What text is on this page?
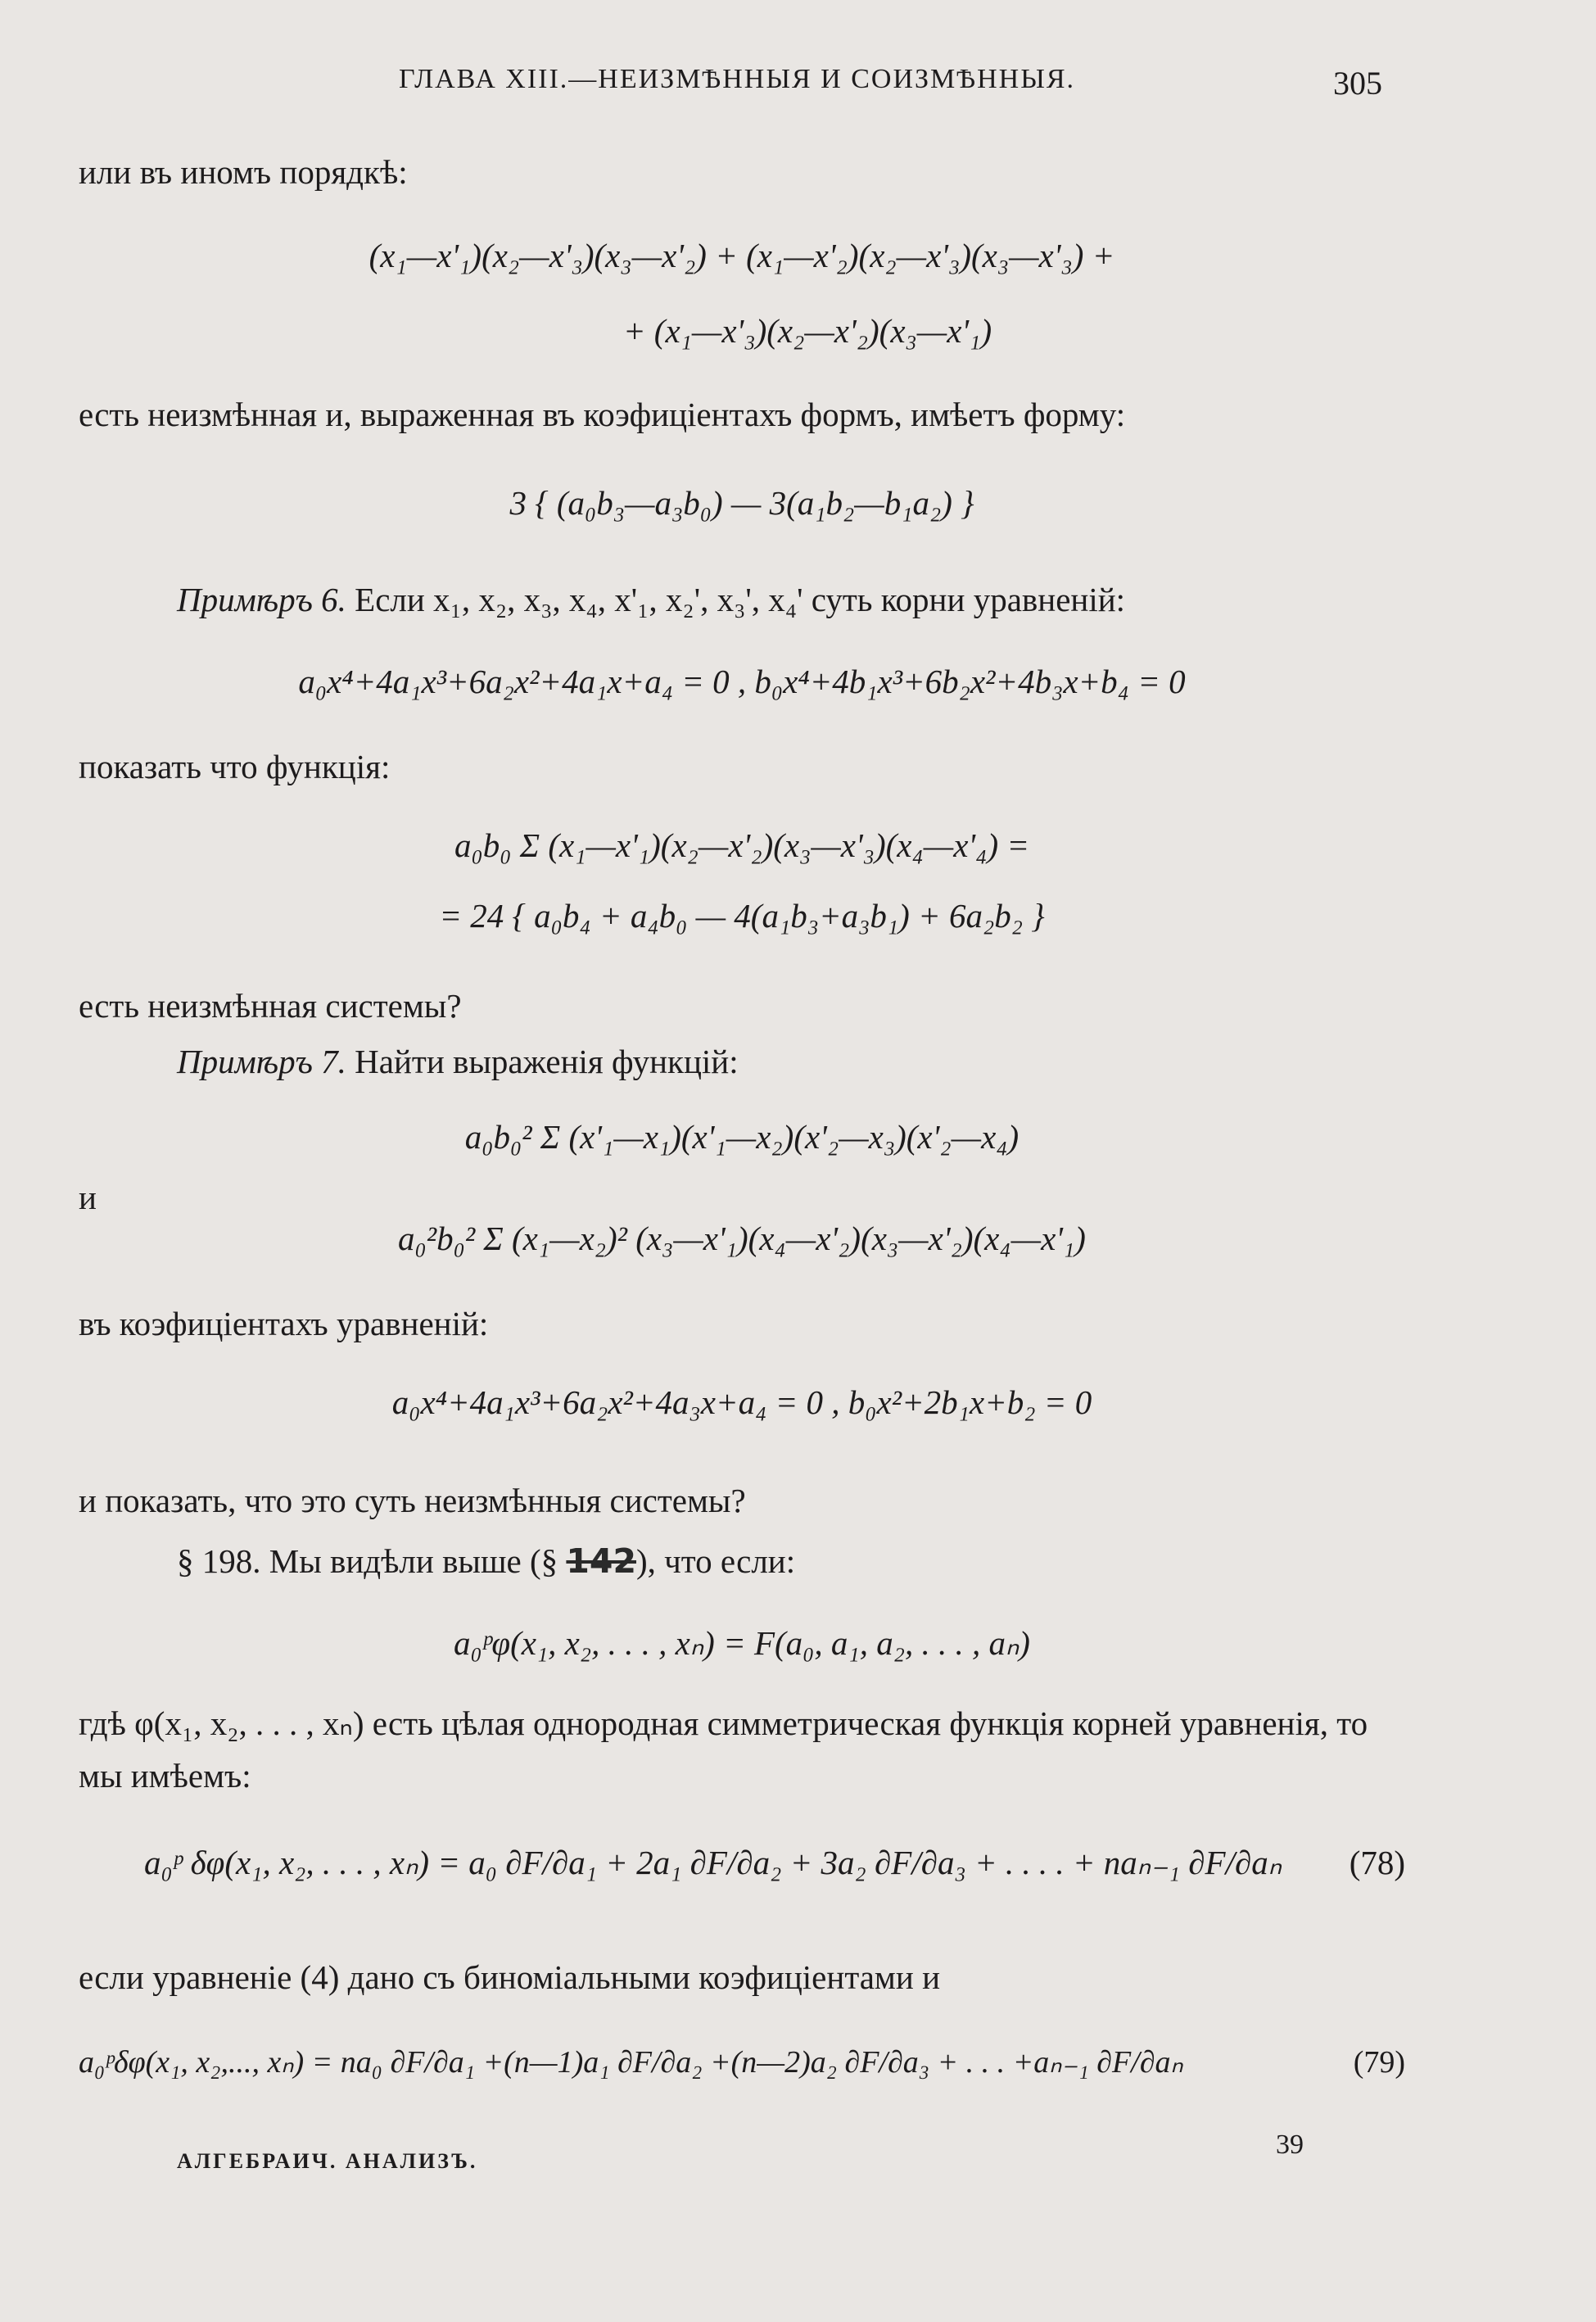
ГЛАВА XIII.—НЕИЗМѢННЫЯ И СОИЗМѢННЫЯ.	305
или въ иномъ порядкѣ:
(x₁—x'₁)(x₂—x'₃)(x₃—x'₂) + (x₁—x'₂)(x₂—x'₃)(x₃—x'₃) +
+ (x₁—x'₃)(x₂—x'₂)(x₃—x'₁)
есть неизмѣнная и, выраженная въ коэфиціентахъ формъ, имѣетъ форму:
3 { (a₀b₃—a₃b₀) — 3(a₁b₂—b₁a₂) }
Примѣръ 6. Если x₁, x₂, x₃, x₄, x'₁, x₂', x₃', x₄' суть корни уравненій:
a₀x⁴+4a₁x³+6a₂x²+4a₁x+a₄ = 0 , b₀x⁴+4b₁x³+6b₂x²+4b₃x+b₄ = 0
показать что функція:
a₀b₀ Σ (x₁—x'₁)(x₂—x'₂)(x₃—x'₃)(x₄—x'₄) =
= 24 { a₀b₄ + a₄b₀ — 4(a₁b₃+a₃b₁) + 6a₂b₂ }
есть неизмѣнная системы?
Примѣръ 7. Найти выраженія функцій:
a₀b₀² Σ (x'₁—x₁)(x'₁—x₂)(x'₂—x₃)(x'₂—x₄)
и
a₀²b₀² Σ (x₁—x₂)² (x₃—x'₁)(x₄—x'₂)(x₃—x'₂)(x₄—x'₁)
въ коэфиціентахъ уравненій:
a₀x⁴+4a₁x³+6a₂x²+4a₃x+a₄ = 0 , b₀x²+2b₁x+b₂ = 0
и показать, что это суть неизмѣнныя системы?
§ 198. Мы видѣли выше (§ 142), что если:
a₀ᵖφ(x₁, x₂, . . . , xₙ) = F(a₀, a₁, a₂, . . . , aₙ)
гдѣ φ(x₁, x₂, . . . , xₙ) есть цѣлая однородная симметрическая функція корней уравненія, то мы имѣемъ:
a₀ᵖ δφ(x₁, x₂, . . . , xₙ) = a₀ ∂F/∂a₁ + 2a₁ ∂F/∂a₂ + 3a₂ ∂F/∂a₃ + . . . . + naₙ₋₁ ∂F/∂aₙ (78)
если уравненіе (4) дано съ биноміальными коэфиціентами и
a₀ᵖδφ(x₁, x₂,..., xₙ) = na₀ ∂F/∂a₁ +(n—1)a₁ ∂F/∂a₂ +(n—2)a₂ ∂F/∂a₃ + . . . +aₙ₋₁ ∂F/∂aₙ	(79)
АЛГЕБРАИЧ. АНАЛИЗЪ.
39
